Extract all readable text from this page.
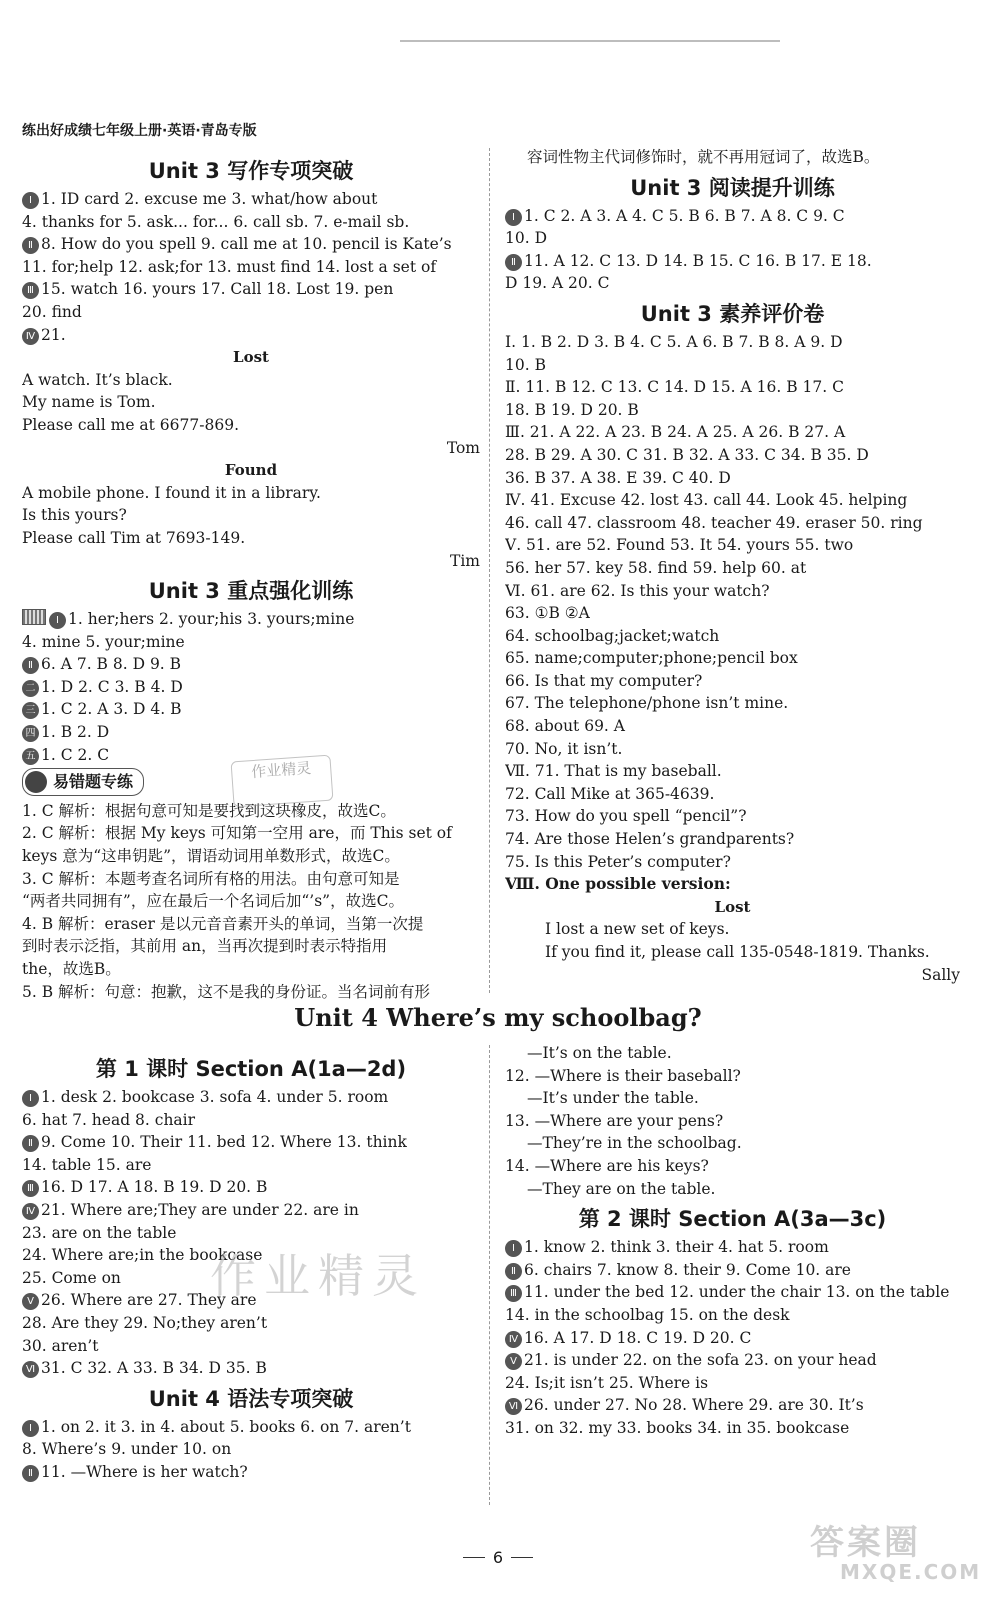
练出好成绩七年级上册·英语·青岛专版
Unit 3 写作专项突破
Ⅰ 1. ID card 2. excuse me 3. what/how about
4. thanks for 5. ask... for... 6. call sb. 7. e-mail sb.
Ⅱ 8. How do you spell 9. call me at 10. pencil is Kate’s
11. for;help 12. ask;for 13. must find 14. lost a set of
Ⅲ 15. watch 16. yours 17. Call 18. Lost 19. pen
20. find
Ⅳ 21.
Lost
A watch. It’s black.
My name is Tom.
Please call me at 6677-869.
Tom
Found
A mobile phone. I found it in a library.
Is this yours?
Please call Tim at 7693-149.
Tim
Unit 3 重点强化训练
Ⅰ 1. her;hers 2. your;his 3. yours;mine
4. mine 5. your;mine
Ⅱ 6. A 7. B 8. D 9. B
二 1. D 2. C 3. B 4. D
三 1. C 2. A 3. D 4. B
四 1. B 2. D
五 1. C 2. C
易错题专练
1. C 解析：根据句意可知是要找到这块橡皮，故选C。
2. C 解析：根据 My keys 可知第一空用 are，而 This set of
keys 意为“这串钥匙”，谓语动词用单数形式，故选C。
3. C 解析：本题考查名词所有格的用法。由句意可知是
“两者共同拥有”，应在最后一个名词后加“’s”，故选C。
4. B 解析：eraser 是以元音音素开头的单词，当第一次提
到时表示泛指，其前用 an，当再次提到时表示特指用
the，故选B。
5. B 解析：句意：抱歉，这不是我的身份证。当名词前有形
作业精灵
容词性物主代词修饰时，就不再用冠词了，故选B。
Unit 3 阅读提升训练
Ⅰ 1. C 2. A 3. A 4. C 5. B 6. B 7. A 8. C 9. C
10. D
Ⅱ 11. A 12. C 13. D 14. B 15. C 16. B 17. E 18.
D 19. A 20. C
Unit 3 素养评价卷
Ⅰ. 1. B 2. D 3. B 4. C 5. A 6. B 7. B 8. A 9. D
10. B
Ⅱ. 11. B 12. C 13. C 14. D 15. A 16. B 17. C
18. B 19. D 20. B
Ⅲ. 21. A 22. A 23. B 24. A 25. A 26. B 27. A
28. B 29. A 30. C 31. B 32. A 33. C 34. B 35. D
36. B 37. A 38. E 39. C 40. D
Ⅳ. 41. Excuse 42. lost 43. call 44. Look 45. helping
46. call 47. classroom 48. teacher 49. eraser 50. ring
Ⅴ. 51. are 52. Found 53. It 54. yours 55. two
56. her 57. key 58. find 59. help 60. at
Ⅵ. 61. are 62. Is this your watch?
63. ①B ②A
64. schoolbag;jacket;watch
65. name;computer;phone;pencil box
66. Is that my computer?
67. The telephone/phone isn’t mine.
68. about 69. A
70. No, it isn’t.
Ⅶ. 71. That is my baseball.
72. Call Mike at 365-4639.
73. How do you spell “pencil”?
74. Are those Helen’s grandparents?
75. Is this Peter’s computer?
Ⅷ. One possible version:
Lost
I lost a new set of keys.
If you find it, please call 135-0548-1819. Thanks.
Sally
Unit 4 Where’s my schoolbag?
第 1 课时 Section A(1a—2d)
Ⅰ 1. desk 2. bookcase 3. sofa 4. under 5. room
6. hat 7. head 8. chair
Ⅱ 9. Come 10. Their 11. bed 12. Where 13. think
14. table 15. are
Ⅲ 16. D 17. A 18. B 19. D 20. B
Ⅳ 21. Where are;They are under 22. are in
23. are on the table
24. Where are;in the bookcase
25. Come on
Ⅴ 26. Where are 27. They are
28. Are they 29. No;they aren’t
30. aren’t
Ⅵ 31. C 32. A 33. B 34. D 35. B
Unit 4 语法专项突破
Ⅰ 1. on 2. it 3. in 4. about 5. books 6. on 7. aren’t
8. Where’s 9. under 10. on
Ⅱ 11. —Where is her watch?
作业精灵
—It’s on the table.
12. —Where is their baseball?
—It’s under the table.
13. —Where are your pens?
—They’re in the schoolbag.
14. —Where are his keys?
—They are on the table.
第 2 课时 Section A(3a—3c)
Ⅰ 1. know 2. think 3. their 4. hat 5. room
Ⅱ 6. chairs 7. know 8. their 9. Come 10. are
Ⅲ 11. under the bed 12. under the chair 13. on the table
14. in the schoolbag 15. on the desk
Ⅳ 16. A 17. D 18. C 19. D 20. C
Ⅴ 21. is under 22. on the sofa 23. on your head
24. Is;it isn’t 25. Where is
Ⅵ 26. under 27. No 28. Where 29. are 30. It’s
31. on 32. my 33. books 34. in 35. bookcase
6	答案圈
MXQE.COM
